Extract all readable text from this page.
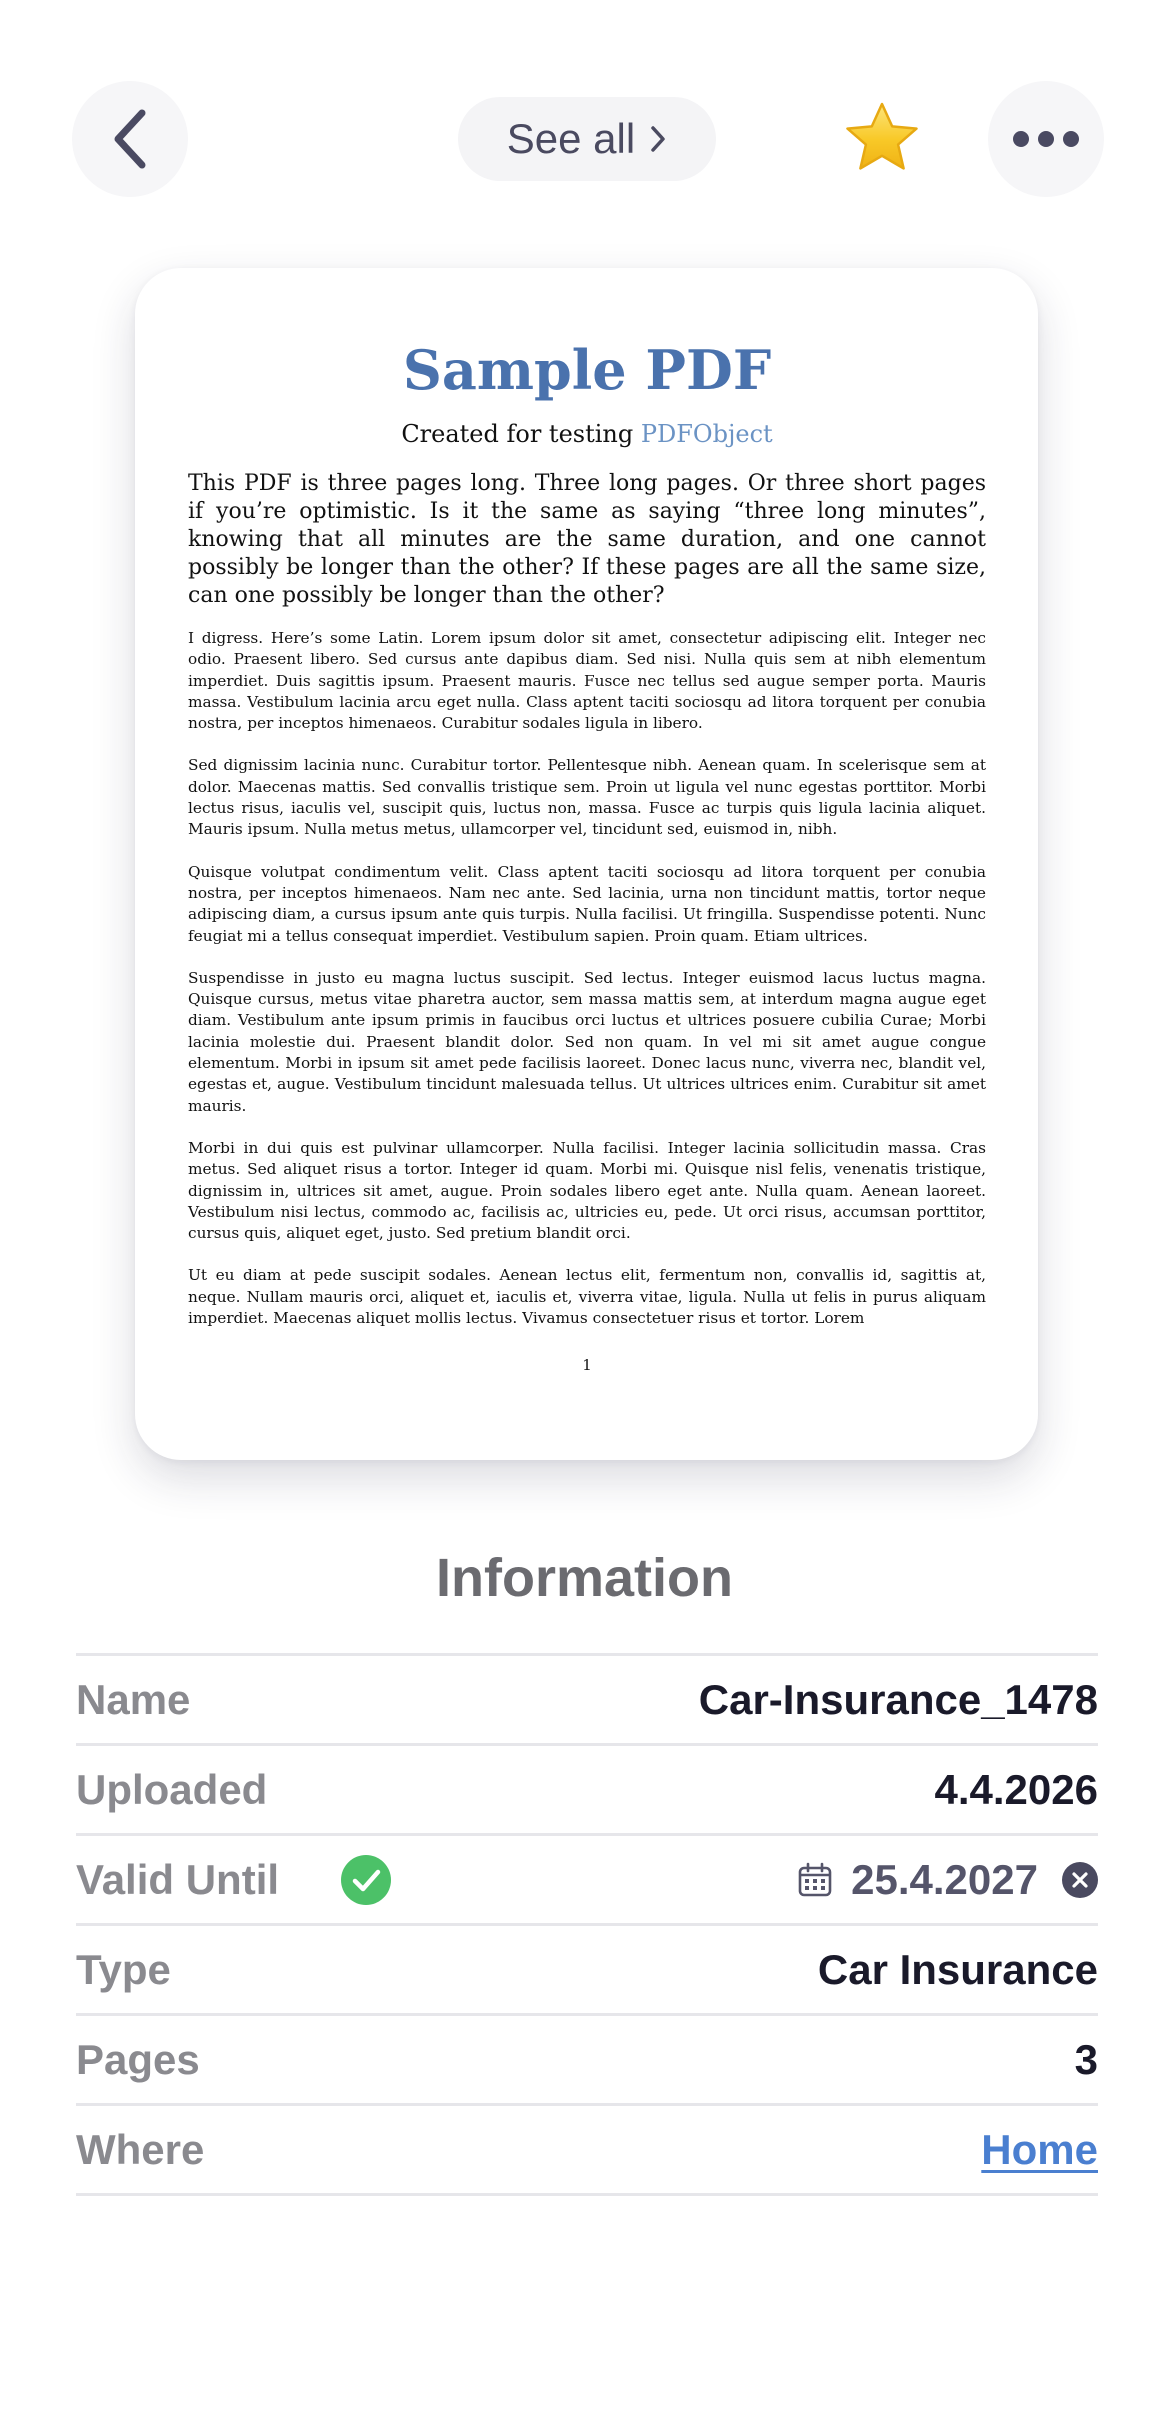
See all
Sample PDF
Created for testing PDFObject

This PDF is three pages long. Three long pages. Or three short pages if you’re optimistic. Is it the same as saying “three long minutes”, knowing that all minutes are the same duration, and one cannot possibly be longer than the other? If these pages are all the same size, can one possibly be longer than the other?

I digress. Here’s some Latin. Lorem ipsum dolor sit amet, consectetur adipiscing elit. Integer nec odio. Praesent libero. Sed cursus ante dapibus diam. Sed nisi. Nulla quis sem at nibh elementum imperdiet. Duis sagittis ipsum. Praesent mauris. Fusce nec tellus sed augue semper porta. Mauris massa. Vestibulum lacinia arcu eget nulla. Class aptent taciti sociosqu ad litora torquent per conubia nostra, per inceptos himenaeos. Curabitur sodales ligula in libero.

Sed dignissim lacinia nunc. Curabitur tortor. Pellentesque nibh. Aenean quam. In scelerisque sem at dolor. Maecenas mattis. Sed convallis tristique sem. Proin ut ligula vel nunc egestas porttitor. Morbi lectus risus, iaculis vel, suscipit quis, luctus non, massa. Fusce ac turpis quis ligula lacinia aliquet. Mauris ipsum. Nulla metus metus, ullamcorper vel, tincidunt sed, euismod in, nibh.

Quisque volutpat condimentum velit. Class aptent taciti sociosqu ad litora torquent per conubia nostra, per inceptos himenaeos. Nam nec ante. Sed lacinia, urna non tincidunt mattis, tortor neque adipiscing diam, a cursus ipsum ante quis turpis. Nulla facilisi. Ut fringilla. Suspendisse potenti. Nunc feugiat mi a tellus consequat imperdiet. Vestibulum sapien. Proin quam. Etiam ultrices.

Suspendisse in justo eu magna luctus suscipit. Sed lectus. Integer euismod lacus luctus magna. Quisque cursus, metus vitae pharetra auctor, sem massa mattis sem, at interdum magna augue eget diam. Vestibulum ante ipsum primis in faucibus orci luctus et ultrices posuere cubilia Curae; Morbi lacinia molestie dui. Praesent blandit dolor. Sed non quam. In vel mi sit amet augue congue elementum. Morbi in ipsum sit amet pede facilisis laoreet. Donec lacus nunc, viverra nec, blandit vel, egestas et, augue. Vestibulum tincidunt malesuada tellus. Ut ultrices ultrices enim. Curabitur sit amet mauris.

Morbi in dui quis est pulvinar ullamcorper. Nulla facilisi. Integer lacinia sollicitudin massa. Cras metus. Sed aliquet risus a tortor. Integer id quam. Morbi mi. Quisque nisl felis, venenatis tristique, dignissim in, ultrices sit amet, augue. Proin sodales libero eget ante. Nulla quam. Aenean laoreet. Vestibulum nisi lectus, commodo ac, facilisis ac, ultricies eu, pede. Ut orci risus, accumsan porttitor, cursus quis, aliquet eget, justo. Sed pretium blandit orci.

Ut eu diam at pede suscipit sodales. Aenean lectus elit, fermentum non, convallis id, sagittis at, neque. Nullam mauris orci, aliquet et, iaculis et, viverra vitae, ligula. Nulla ut felis in purus aliquam imperdiet. Maecenas aliquet mollis lectus. Vivamus consectetuer risus et tortor. Lorem

1
Information
Name	Car-Insurance_1478
Uploaded	4.4.2026
Valid Until	25.4.2027
Type	Car Insurance
Pages	3
Where	Home
